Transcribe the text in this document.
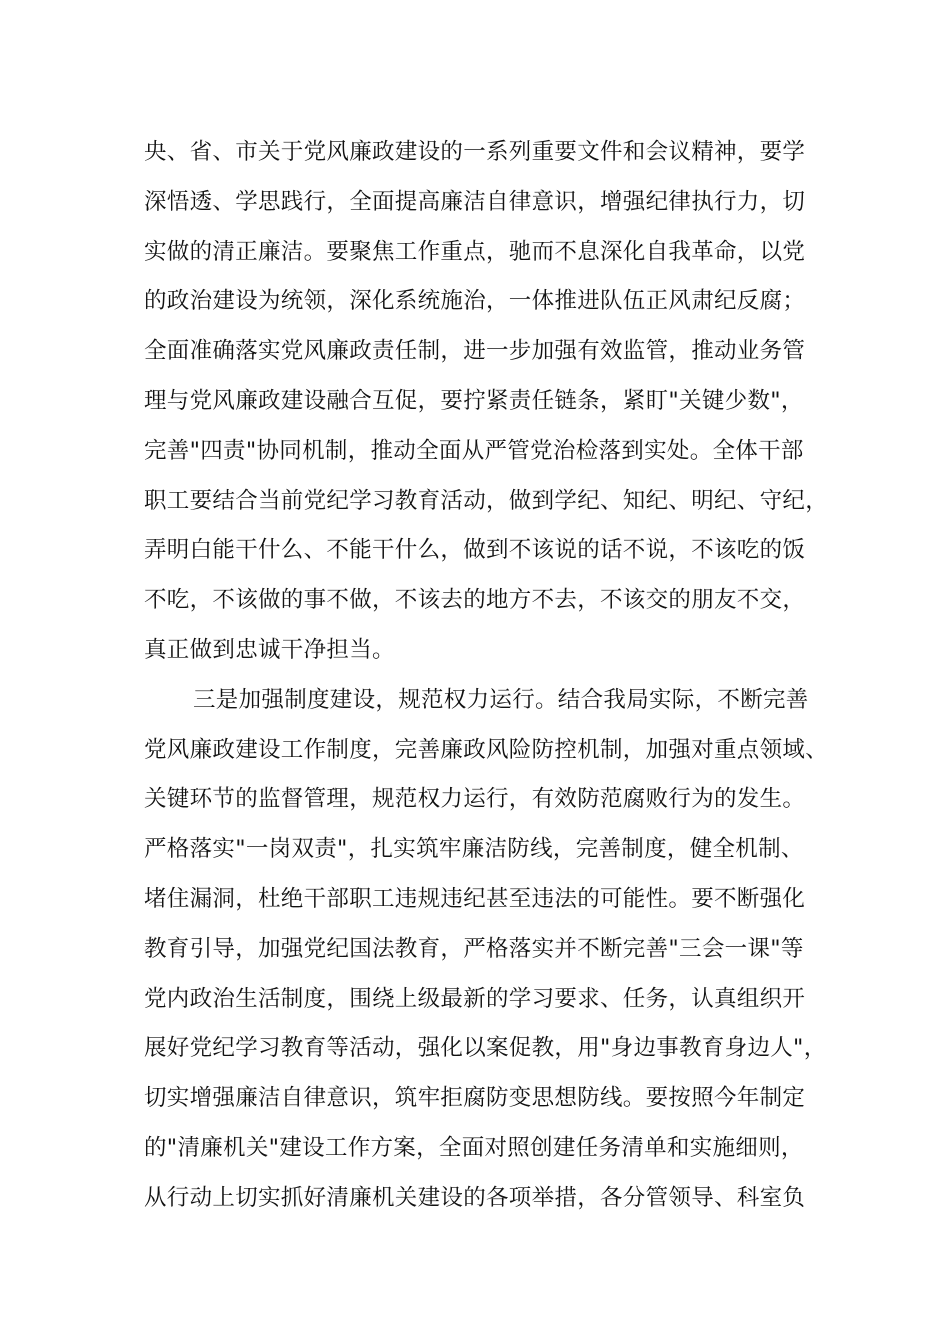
央、省、市关于党风廉政建设的一系列重要文件和会议精神，要学
深悟透、学思践行，全面提高廉洁自律意识，增强纪律执行力，切
实做的清正廉洁。要聚焦工作重点，驰而不息深化自我革命，以党
的政治建设为统领，深化系统施治，一体推进队伍正风肃纪反腐；
全面准确落实党风廉政责任制，进一步加强有效监管，推动业务管
理与党风廉政建设融合互促，要拧紧责任链条，紧盯"关键少数"，
完善"四责"协同机制，推动全面从严管党治检落到实处。全体干部
职工要结合当前党纪学习教育活动，做到学纪、知纪、明纪、守纪，
弄明白能干什么、不能干什么，做到不该说的话不说，不该吃的饭
不吃，不该做的事不做，不该去的地方不去，不该交的朋友不交，
真正做到忠诚干净担当。
三是加强制度建设，规范权力运行。结合我局实际，不断完善
党风廉政建设工作制度，完善廉政风险防控机制，加强对重点领域、
关键环节的监督管理，规范权力运行，有效防范腐败行为的发生。
严格落实"一岗双责"，扎实筑牢廉洁防线，完善制度，健全机制、
堵住漏洞，杜绝干部职工违规违纪甚至违法的可能性。要不断强化
教育引导，加强党纪国法教育，严格落实并不断完善"三会一课"等
党内政治生活制度，围绕上级最新的学习要求、任务，认真组织开
展好党纪学习教育等活动，强化以案促教，用"身边事教育身边人"，
切实增强廉洁自律意识，筑牢拒腐防变思想防线。要按照今年制定
的"清廉机关"建设工作方案，全面对照创建任务清单和实施细则，
从行动上切实抓好清廉机关建设的各项举措，各分管领导、科室负
